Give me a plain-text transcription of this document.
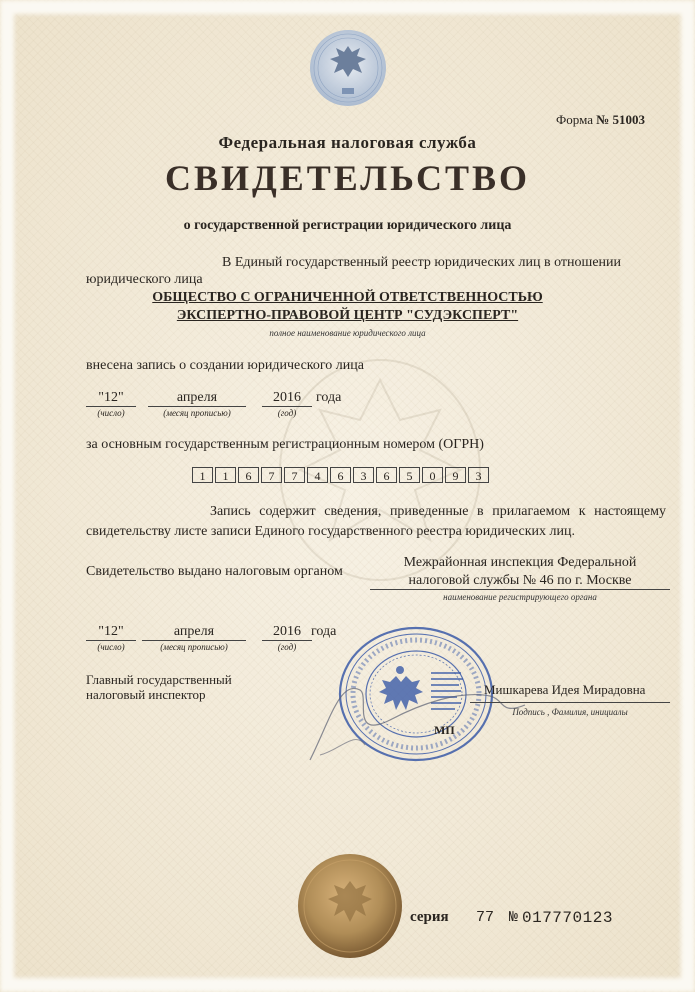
Форма № 51003
Федеральная налоговая служба
СВИДЕТЕЛЬСТВО
о государственной регистрации юридического лица
В Единый государственный реестр юридических лиц в отношении
юридического лица
ОБЩЕСТВО С ОГРАНИЧЕННОЙ ОТВЕТСТВЕННОСТЬЮ
ЭКСПЕРТНО-ПРАВОВОЙ ЦЕНТР "СУДЭКСПЕРТ"
полное наименование юридического лица
внесена запись о создании юридического лица
"12"	апреля	2016	года
(число)	(месяц прописью)	(год)
за основным государственным регистрационным номером (ОГРН)
1	1	6	7	7	4	6	3	6	5	0	9	3
Запись содержит сведения, приведенные в прилагаемом к настоящему свидетельству листе записи Единого государственного реестра юридических лиц.
Свидетельство выдано налоговым органом
Межрайонная инспекция Федеральной
налоговой службы № 46 по г. Москве
наименование регистрирующего органа
"12"	апреля	2016 года
(число)	(месяц прописью)	(год)
Главный государственный
налоговый инспектор
МП
Мишкарева Идея Мирадовна
Подпись , Фамилия, инициалы
серия 77 № 017770123
